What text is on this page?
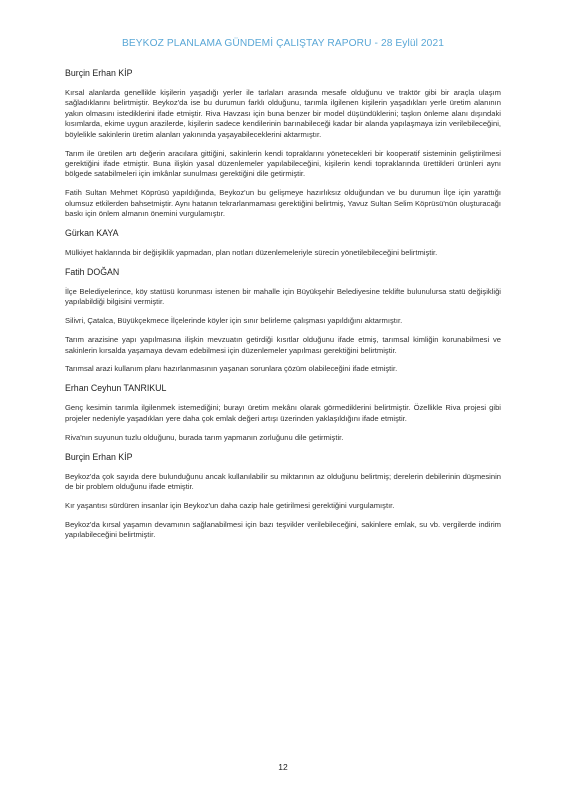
BEYKOZ PLANLAMA GÜNDEMİ ÇALIŞTAY RAPORU - 28 Eylül 2021
Burçin Erhan KİP

Kırsal alanlarda genellikle kişilerin yaşadığı yerler ile tarlaları arasında mesafe olduğunu ve traktör gibi bir araçla ulaşım sağladıklarını belirtmiştir. Beykoz'da ise bu durumun farklı olduğunu, tarımla ilgilenen kişilerin yaşadıkları yerle üretim alanının yakın olmasını istediklerini ifade etmiştir. Riva Havzası için buna benzer bir model düşündüklerini; taşkın önleme alanı dışındaki kısımlarda, ekime uygun arazilerde, kişilerin sadece kendilerinin barınabileceği kadar bir alanda yapılaşmaya izin verilebileceğini, böylelikle sakinlerin üretim alanları yakınında yaşayabileceklerini aktarmıştır.

Tarım ile üretilen artı değerin aracılara gittiğini, sakinlerin kendi topraklarını yönetecekleri bir kooperatif sisteminin geliştirilmesi gerektiğini ifade etmiştir. Buna ilişkin yasal düzenlemeler yapılabileceğini, kişilerin kendi topraklarında ürettikleri ürünleri aynı bölgede satabilmeleri için imkânlar sunulması gerektiğini dile getirmiştir.

Fatih Sultan Mehmet Köprüsü yapıldığında, Beykoz'un bu gelişmeye hazırlıksız olduğundan ve bu durumun İlçe için yarattığı olumsuz etkilerden bahsetmiştir. Aynı hatanın tekrarlanmaması gerektiğini belirtmiş, Yavuz Sultan Selim Köprüsü'nün oluşturacağı baskı için önlem almanın önemini vurgulamıştır.

Gürkan KAYA

Mülkiyet haklarında bir değişiklik yapmadan, plan notları düzenlemeleriyle sürecin yönetilebileceğini belirtmiştir.

Fatih DOĞAN

İlçe Belediyelerince, köy statüsü korunması istenen bir mahalle için Büyükşehir Belediyesine teklifte bulunulursa statü değişikliği yapılabildiği bilgisini vermiştir.

Silivri, Çatalca, Büyükçekmece İlçelerinde köyler için sınır belirleme çalışması yapıldığını aktarmıştır.

Tarım arazisine yapı yapılmasına ilişkin mevzuatın getirdiği kısıtlar olduğunu ifade etmiş, tarımsal kimliğin korunabilmesi ve sakinlerin kırsalda yaşamaya devam edebilmesi için düzenlemeler yapılması gerektiğini belirtmiştir.

Tarımsal arazi kullanım planı hazırlanmasının yaşanan sorunlara çözüm olabileceğini ifade etmiştir.

Erhan Ceyhun TANRIKUL

Genç kesimin tarımla ilgilenmek istemediğini; burayı üretim mekânı olarak görmediklerini belirtmiştir. Özellikle Riva projesi gibi projeler nedeniyle yaşadıkları yere daha çok emlak değeri artışı üzerinden yaklaşıldığını ifade etmiştir.

Riva'nın suyunun tuzlu olduğunu, burada tarım yapmanın zorluğunu dile getirmiştir.

Burçin Erhan KİP

Beykoz'da çok sayıda dere bulunduğunu ancak kullanılabilir su miktarının az olduğunu belirtmiş; derelerin debilerinin düşmesinin de bir problem olduğunu ifade etmiştir.

Kır yaşantısı sürdüren insanlar için Beykoz'un daha cazip hale getirilmesi gerektiğini vurgulamıştır.

Beykoz'da kırsal yaşamın devamının sağlanabilmesi için bazı teşvikler verilebileceğini, sakinlere emlak, su vb. vergilerde indirim yapılabileceğini belirtmiştir.

12
